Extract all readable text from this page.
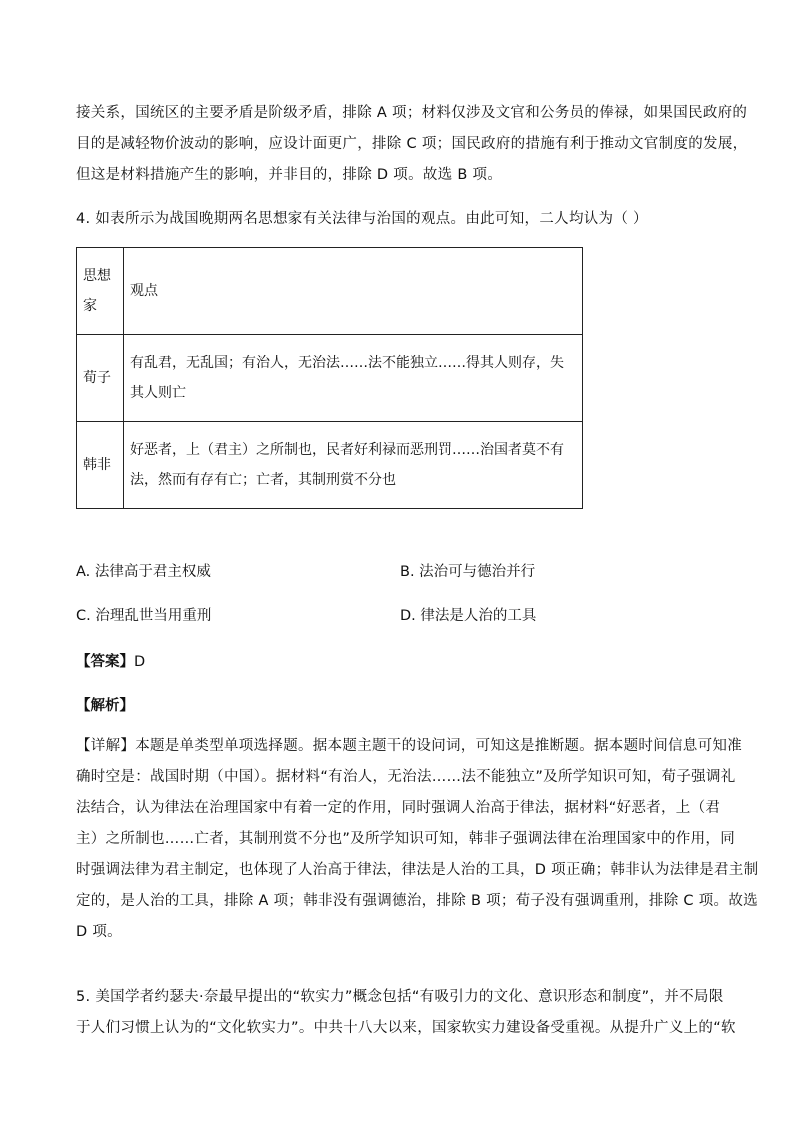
接关系，国统区的主要矛盾是阶级矛盾，排除 A 项；材料仅涉及文官和公务员的俸禄，如果国民政府的
目的是减轻物价波动的影响，应设计面更广，排除 C 项；国民政府的措施有利于推动文官制度的发展，
但这是材料措施产生的影响，并非目的，排除 D 项。故选 B 项。
4. 如表所示为战国晚期两名思想家有关法律与治国的观点。由此可知，二人均认为（ ）
思想
家	观点
荀子	有乱君，无乱国；有治人，无治法……法不能独立……得其人则存，失
其人则亡

韩非	好恶者，上（君主）之所制也，民者好利禄而恶刑罚……治国者莫不有
法，然而有存有亡；亡者，其制刑赏不分也
A. 法律高于君主权威	B. 法治可与德治并行
C. 治理乱世当用重刑	D. 律法是人治的工具
【答案】D
【解析】
【详解】本题是单类型单项选择题。据本题主题干的设问词，可知这是推断题。据本题时间信息可知准
确时空是：战国时期（中国）。据材料“有治人，无治法……法不能独立”及所学知识可知，荀子强调礼
法结合，认为律法在治理国家中有着一定的作用，同时强调人治高于律法，据材料“好恶者，上（君
主）之所制也……亡者，其制刑赏不分也”及所学知识可知，韩非子强调法律在治理国家中的作用，同
时强调法律为君主制定，也体现了人治高于律法，律法是人治的工具，D 项正确；韩非认为法律是君主制
定的，是人治的工具，排除 A 项；韩非没有强调德治，排除 B 项；荀子没有强调重刑，排除 C 项。故选
D 项。
5. 美国学者约瑟夫·奈最早提出的“软实力”概念包括“有吸引力的文化、意识形态和制度”，并不局限
于人们习惯上认为的“文化软实力”。中共十八大以来，国家软实力建设备受重视。从提升广义上的“软
